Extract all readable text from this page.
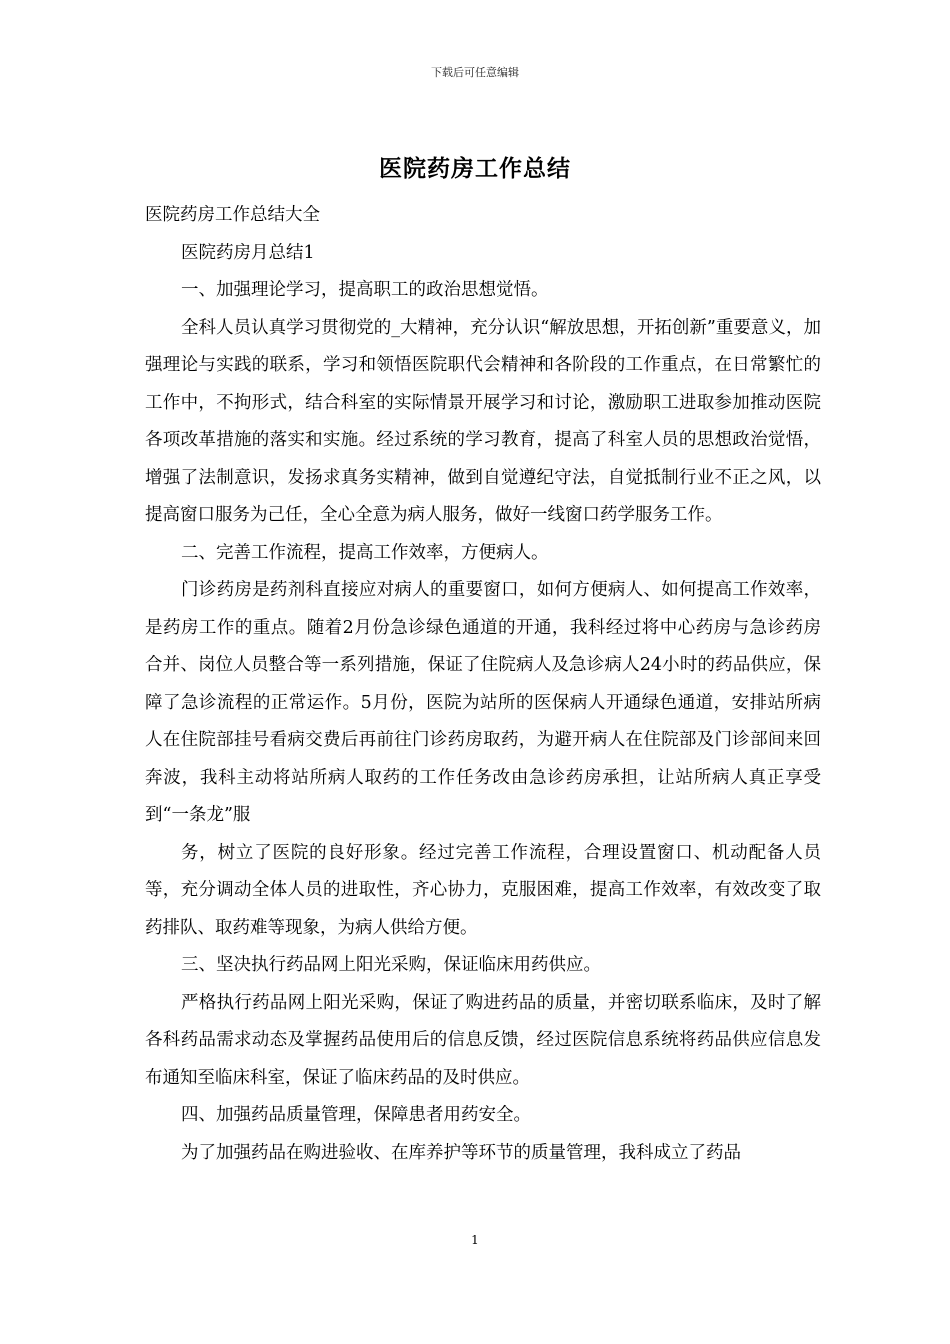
下载后可任意编辑
医院药房工作总结

医院药房工作总结大全

医院药房月总结1

一、加强理论学习，提高职工的政治思想觉悟。

全科人员认真学习贯彻党的_大精神，充分认识“解放思想，开拓创新”重要意义，加强理论与实践的联系，学习和领悟医院职代会精神和各阶段的工作重点，在日常繁忙的工作中，不拘形式，结合科室的实际情景开展学习和讨论，激励职工进取参加推动医院各项改革措施的落实和实施。经过系统的学习教育，提高了科室人员的思想政治觉悟，增强了法制意识，发扬求真务实精神，做到自觉遵纪守法，自觉抵制行业不正之风，以提高窗口服务为己任，全心全意为病人服务，做好一线窗口药学服务工作。

二、完善工作流程，提高工作效率，方便病人。

门诊药房是药剂科直接应对病人的重要窗口，如何方便病人、如何提高工作效率，是药房工作的重点。随着2月份急诊绿色通道的开通，我科经过将中心药房与急诊药房合并、岗位人员整合等一系列措施，保证了住院病人及急诊病人24小时的药品供应，保障了急诊流程的正常运作。5月份，医院为站所的医保病人开通绿色通道，安排站所病人在住院部挂号看病交费后再前往门诊药房取药，为避开病人在住院部及门诊部间来回奔波，我科主动将站所病人取药的工作任务改由急诊药房承担，让站所病人真正享受到“一条龙”服

务，树立了医院的良好形象。经过完善工作流程，合理设置窗口、机动配备人员等，充分调动全体人员的进取性，齐心协力，克服困难，提高工作效率，有效改变了取药排队、取药难等现象，为病人供给方便。

三、坚决执行药品网上阳光采购，保证临床用药供应。

严格执行药品网上阳光采购，保证了购进药品的质量，并密切联系临床，及时了解各科药品需求动态及掌握药品使用后的信息反馈，经过医院信息系统将药品供应信息发布通知至临床科室，保证了临床药品的及时供应。

四、加强药品质量管理，保障患者用药安全。

为了加强药品在购进验收、在库养护等环节的质量管理，我科成立了药品

1
